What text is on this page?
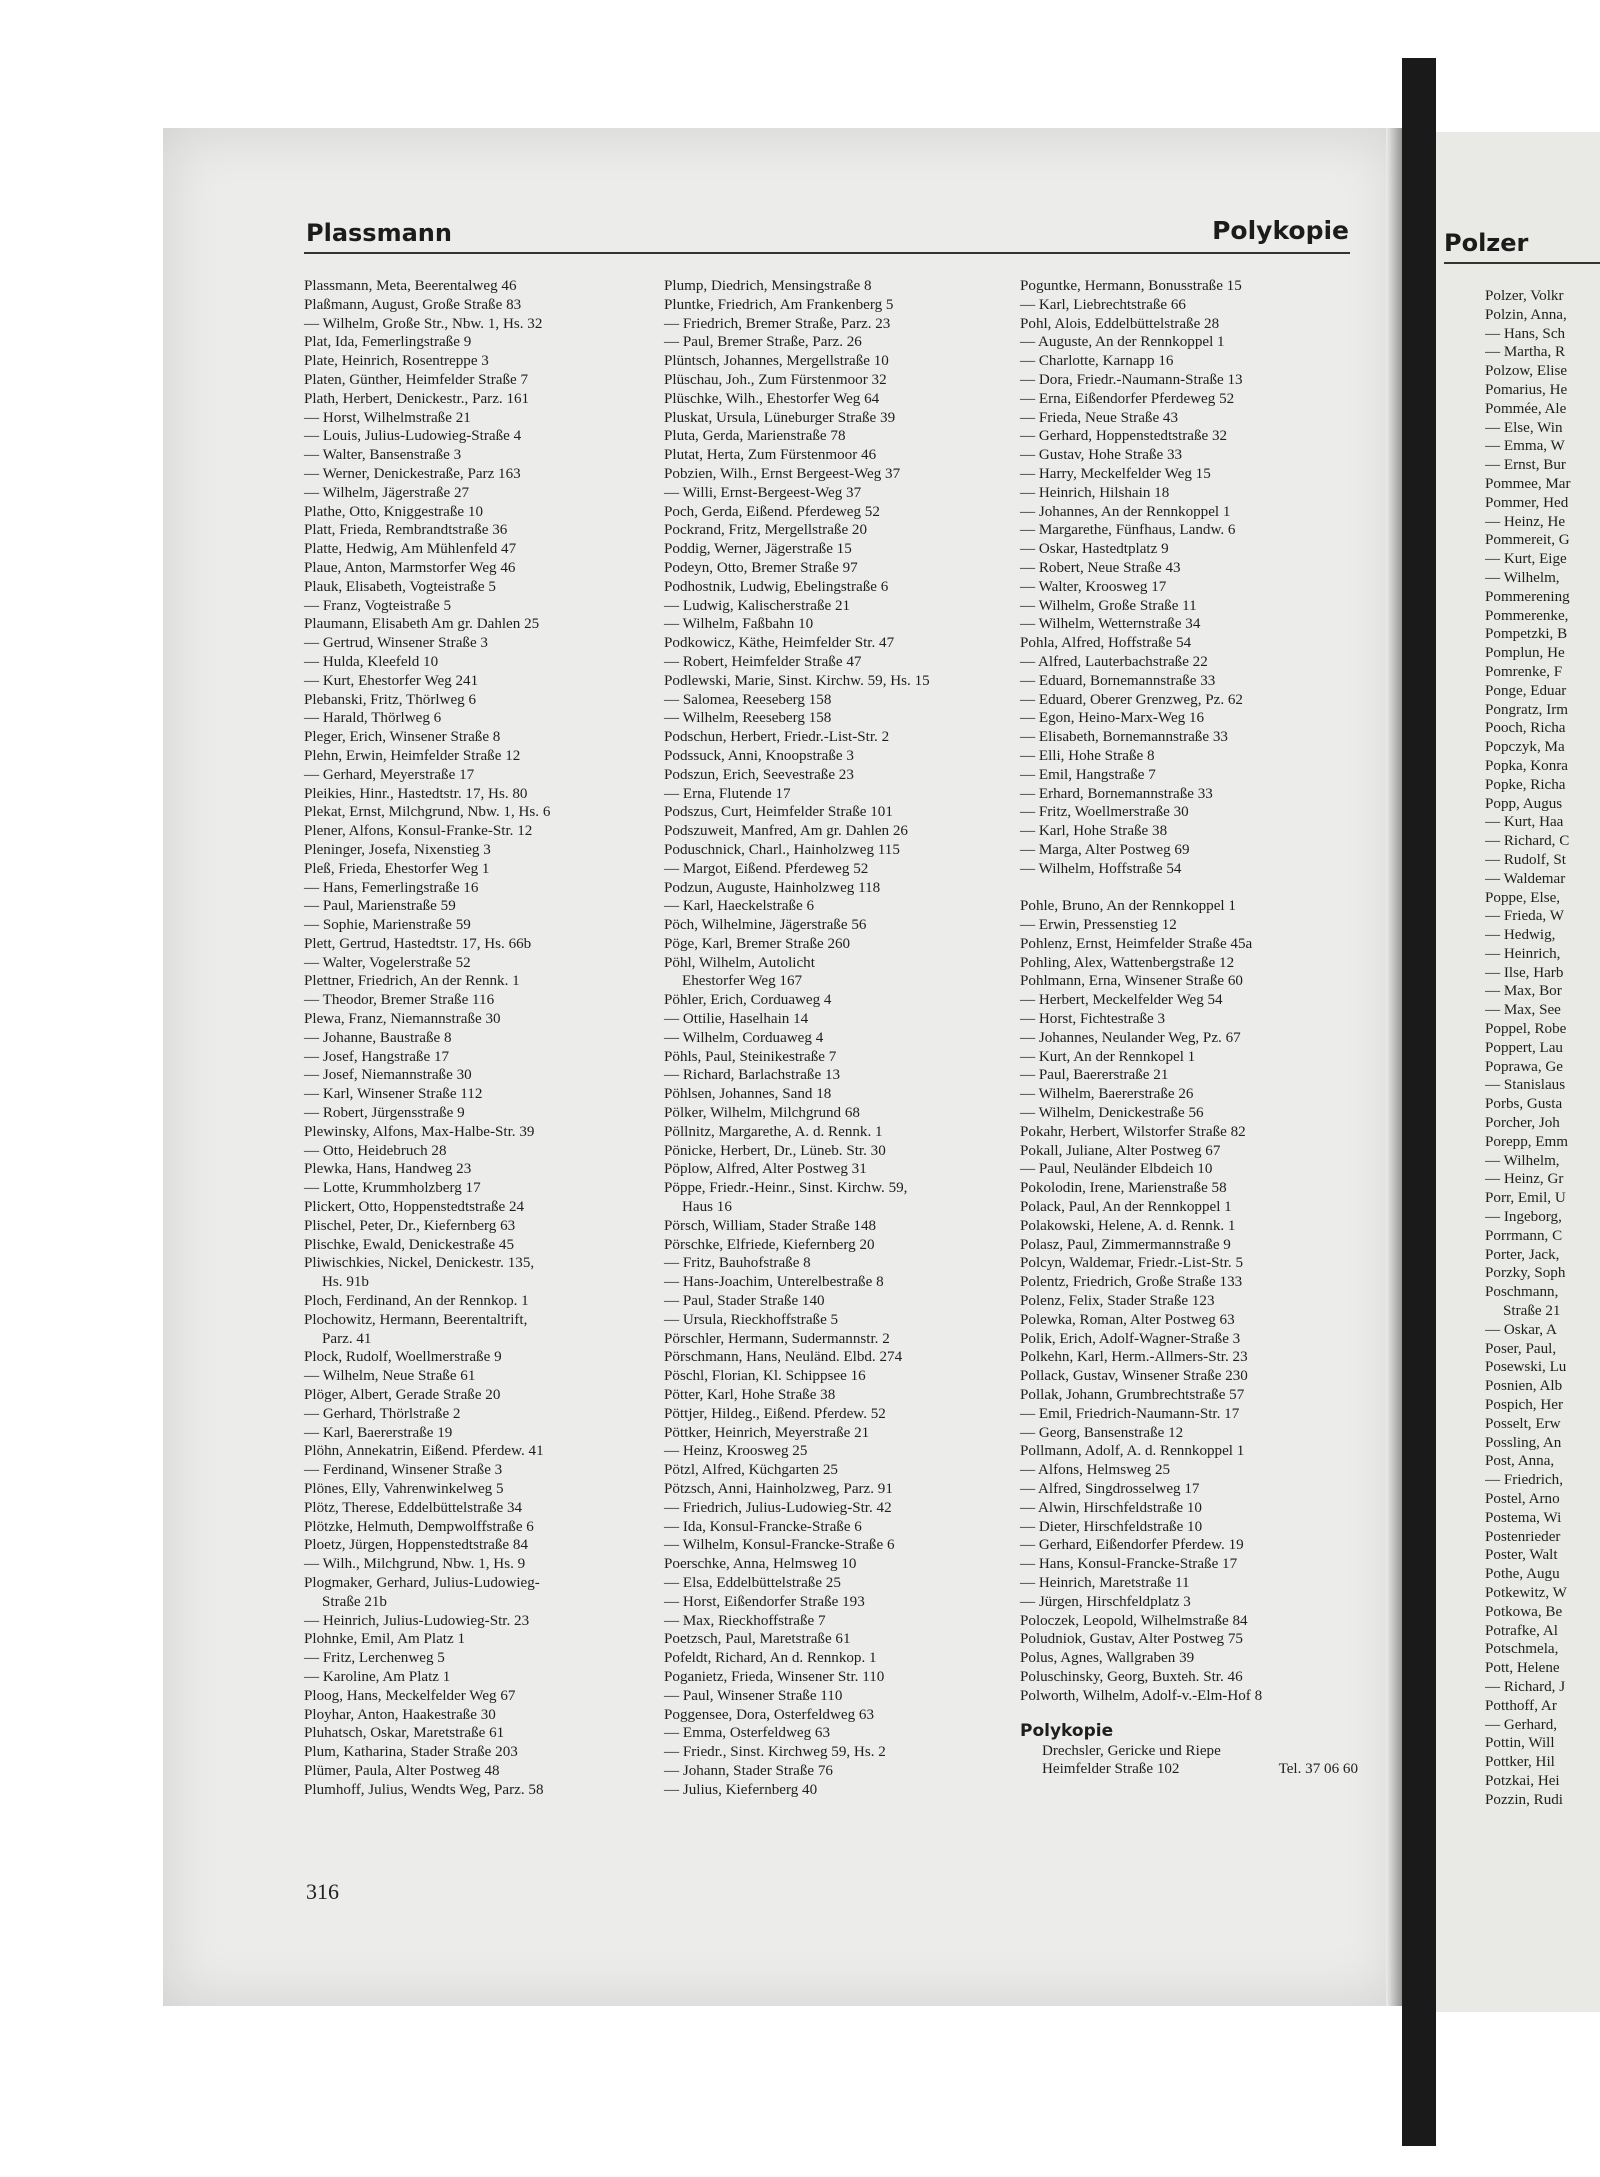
Plassmann	Polykopie
Plassmann, Meta, Beerentalweg 46
Plaßmann, August, Große Straße 83
— Wilhelm, Große Str., Nbw. 1, Hs. 32
Plat, Ida, Femerlingstraße 9
Plate, Heinrich, Rosentreppe 3
Platen, Günther, Heimfelder Straße 7
Plath, Herbert, Denickestr., Parz. 161
— Horst, Wilhelmstraße 21
— Louis, Julius-Ludowieg-Straße 4
— Walter, Bansenstraße 3
— Werner, Denickestraße, Parz 163
— Wilhelm, Jägerstraße 27
Plathe, Otto, Kniggestraße 10
Platt, Frieda, Rembrandtstraße 36
Platte, Hedwig, Am Mühlenfeld 47
Plaue, Anton, Marmstorfer Weg 46
Plauk, Elisabeth, Vogteistraße 5
— Franz, Vogteistraße 5
Plaumann, Elisabeth Am gr. Dahlen 25
— Gertrud, Winsener Straße 3
— Hulda, Kleefeld 10
— Kurt, Ehestorfer Weg 241
Plebanski, Fritz, Thörlweg 6
— Harald, Thörlweg 6
Pleger, Erich, Winsener Straße 8
Plehn, Erwin, Heimfelder Straße 12
— Gerhard, Meyerstraße 17
Pleikies, Hinr., Hastedtstr. 17, Hs. 80
Plekat, Ernst, Milchgrund, Nbw. 1, Hs. 6
Plener, Alfons, Konsul-Franke-Str. 12
Pleninger, Josefa, Nixenstieg 3
Pleß, Frieda, Ehestorfer Weg 1
— Hans, Femerlingstraße 16
— Paul, Marienstraße 59
— Sophie, Marienstraße 59
Plett, Gertrud, Hastedtstr. 17, Hs. 66b
— Walter, Vogelerstraße 52
Plettner, Friedrich, An der Rennk. 1
— Theodor, Bremer Straße 116
Plewa, Franz, Niemannstraße 30
— Johanne, Baustraße 8
— Josef, Hangstraße 17
— Josef, Niemannstraße 30
— Karl, Winsener Straße 112
— Robert, Jürgensstraße 9
Plewinsky, Alfons, Max-Halbe-Str. 39
— Otto, Heidebruch 28
Plewka, Hans, Handweg 23
— Lotte, Krummholzberg 17
Plickert, Otto, Hoppenstedtstraße 24
Plischel, Peter, Dr., Kiefernberg 63
Plischke, Ewald, Denickestraße 45
Pliwischkies, Nickel, Denickestr. 135,
Hs. 91b
Ploch, Ferdinand, An der Rennkop. 1
Plochowitz, Hermann, Beerentaltrift,
Parz. 41
Plock, Rudolf, Woellmerstraße 9
— Wilhelm, Neue Straße 61
Plöger, Albert, Gerade Straße 20
— Gerhard, Thörlstraße 2
— Karl, Baererstraße 19
Plöhn, Annekatrin, Eißend. Pferdew. 41
— Ferdinand, Winsener Straße 3
Plönes, Elly, Vahrenwinkelweg 5
Plötz, Therese, Eddelbüttelstraße 34
Plötzke, Helmuth, Dempwolffstraße 6
Ploetz, Jürgen, Hoppenstedtstraße 84
— Wilh., Milchgrund, Nbw. 1, Hs. 9
Plogmaker, Gerhard, Julius-Ludowieg-
Straße 21b
— Heinrich, Julius-Ludowieg-Str. 23
Plohnke, Emil, Am Platz 1
— Fritz, Lerchenweg 5
— Karoline, Am Platz 1
Ploog, Hans, Meckelfelder Weg 67
Ployhar, Anton, Haakestraße 30
Pluhatsch, Oskar, Maretstraße 61
Plum, Katharina, Stader Straße 203
Plümer, Paula, Alter Postweg 48
Plumhoff, Julius, Wendts Weg, Parz. 58
Plump, Diedrich, Mensingstraße 8
Pluntke, Friedrich, Am Frankenberg 5
— Friedrich, Bremer Straße, Parz. 23
— Paul, Bremer Straße, Parz. 26
Plüntsch, Johannes, Mergellstraße 10
Plüschau, Joh., Zum Fürstenmoor 32
Plüschke, Wilh., Ehestorfer Weg 64
Pluskat, Ursula, Lüneburger Straße 39
Pluta, Gerda, Marienstraße 78
Plutat, Herta, Zum Fürstenmoor 46
Pobzien, Wilh., Ernst Bergeest-Weg 37
— Willi, Ernst-Bergeest-Weg 37
Poch, Gerda, Eißend. Pferdeweg 52
Pockrand, Fritz, Mergellstraße 20
Poddig, Werner, Jägerstraße 15
Podeyn, Otto, Bremer Straße 97
Podhostnik, Ludwig, Ebelingstraße 6
— Ludwig, Kalischerstraße 21
— Wilhelm, Faßbahn 10
Podkowicz, Käthe, Heimfelder Str. 47
— Robert, Heimfelder Straße 47
Podlewski, Marie, Sinst. Kirchw. 59, Hs. 15
— Salomea, Reeseberg 158
— Wilhelm, Reeseberg 158
Podschun, Herbert, Friedr.-List-Str. 2
Podssuck, Anni, Knoopstraße 3
Podszun, Erich, Seevestraße 23
— Erna, Flutende 17
Podszus, Curt, Heimfelder Straße 101
Podszuweit, Manfred, Am gr. Dahlen 26
Poduschnick, Charl., Hainholzweg 115
— Margot, Eißend. Pferdeweg 52
Podzun, Auguste, Hainholzweg 118
— Karl, Haeckelstraße 6
Pöch, Wilhelmine, Jägerstraße 56
Pöge, Karl, Bremer Straße 260
Pöhl, Wilhelm, Autolicht
Ehestorfer Weg 167
Pöhler, Erich, Corduaweg 4
— Ottilie, Haselhain 14
— Wilhelm, Corduaweg 4
Pöhls, Paul, Steinikestraße 7
— Richard, Barlachstraße 13
Pöhlsen, Johannes, Sand 18
Pölker, Wilhelm, Milchgrund 68
Pöllnitz, Margarethe, A. d. Rennk. 1
Pönicke, Herbert, Dr., Lüneb. Str. 30
Pöplow, Alfred, Alter Postweg 31
Pöppe, Friedr.-Heinr., Sinst. Kirchw. 59,
Haus 16
Pörsch, William, Stader Straße 148
Pörschke, Elfriede, Kiefernberg 20
— Fritz, Bauhofstraße 8
— Hans-Joachim, Unterelbestraße 8
— Paul, Stader Straße 140
— Ursula, Rieckhoffstraße 5
Pörschler, Hermann, Sudermannstr. 2
Pörschmann, Hans, Neuländ. Elbd. 274
Pöschl, Florian, Kl. Schippsee 16
Pötter, Karl, Hohe Straße 38
Pöttjer, Hildeg., Eißend. Pferdew. 52
Pöttker, Heinrich, Meyerstraße 21
— Heinz, Kroosweg 25
Pötzl, Alfred, Küchgarten 25
Pötzsch, Anni, Hainholzweg, Parz. 91
— Friedrich, Julius-Ludowieg-Str. 42
— Ida, Konsul-Francke-Straße 6
— Wilhelm, Konsul-Francke-Straße 6
Poerschke, Anna, Helmsweg 10
— Elsa, Eddelbüttelstraße 25
— Horst, Eißendorfer Straße 193
— Max, Rieckhoffstraße 7
Poetzsch, Paul, Maretstraße 61
Pofeldt, Richard, An d. Rennkop. 1
Poganietz, Frieda, Winsener Str. 110
— Paul, Winsener Straße 110
Poggensee, Dora, Osterfeldweg 63
— Emma, Osterfeldweg 63
— Friedr., Sinst. Kirchweg 59, Hs. 2
— Johann, Stader Straße 76
— Julius, Kiefernberg 40
Poguntke, Hermann, Bonusstraße 15
— Karl, Liebrechtstraße 66
Pohl, Alois, Eddelbüttelstraße 28
— Auguste, An der Rennkoppel 1
— Charlotte, Karnapp 16
— Dora, Friedr.-Naumann-Straße 13
— Erna, Eißendorfer Pferdeweg 52
— Frieda, Neue Straße 43
— Gerhard, Hoppenstedtstraße 32
— Gustav, Hohe Straße 33
— Harry, Meckelfelder Weg 15
— Heinrich, Hilshain 18
— Johannes, An der Rennkoppel 1
— Margarethe, Fünfhaus, Landw. 6
— Oskar, Hastedtplatz 9
— Robert, Neue Straße 43
— Walter, Kroosweg 17
— Wilhelm, Große Straße 11
— Wilhelm, Wetternstraße 34
Pohla, Alfred, Hoffstraße 54
— Alfred, Lauterbachstraße 22
— Eduard, Bornemannstraße 33
— Eduard, Oberer Grenzweg, Pz. 62
— Egon, Heino-Marx-Weg 16
— Elisabeth, Bornemannstraße 33
— Elli, Hohe Straße 8
— Emil, Hangstraße 7
— Erhard, Bornemannstraße 33
— Fritz, Woellmerstraße 30
— Karl, Hohe Straße 38
— Marga, Alter Postweg 69
— Wilhelm, Hoffstraße 54
Pohle, Bruno, An der Rennkoppel 1
— Erwin, Pressenstieg 12
Pohlenz, Ernst, Heimfelder Straße 45a
Pohling, Alex, Wattenbergstraße 12
Pohlmann, Erna, Winsener Straße 60
— Herbert, Meckelfelder Weg 54
— Horst, Fichtestraße 3
— Johannes, Neulander Weg, Pz. 67
— Kurt, An der Rennkopel 1
— Paul, Baererstraße 21
— Wilhelm, Baererstraße 26
— Wilhelm, Denickestraße 56
Pokahr, Herbert, Wilstorfer Straße 82
Pokall, Juliane, Alter Postweg 67
— Paul, Neuländer Elbdeich 10
Pokolodin, Irene, Marienstraße 58
Polack, Paul, An der Rennkoppel 1
Polakowski, Helene, A. d. Rennk. 1
Polasz, Paul, Zimmermannstraße 9
Polcyn, Waldemar, Friedr.-List-Str. 5
Polentz, Friedrich, Große Straße 133
Polenz, Felix, Stader Straße 123
Polewka, Roman, Alter Postweg 63
Polik, Erich, Adolf-Wagner-Straße 3
Polkehn, Karl, Herm.-Allmers-Str. 23
Pollack, Gustav, Winsener Straße 230
Pollak, Johann, Grumbrechtstraße 57
— Emil, Friedrich-Naumann-Str. 17
— Georg, Bansenstraße 12
Pollmann, Adolf, A. d. Rennkoppel 1
— Alfons, Helmsweg 25
— Alfred, Singdrosselweg 17
— Alwin, Hirschfeldstraße 10
— Dieter, Hirschfeldstraße 10
— Gerhard, Eißendorfer Pferdew. 19
— Hans, Konsul-Francke-Straße 17
— Heinrich, Maretstraße 11
— Jürgen, Hirschfeldplatz 3
Poloczek, Leopold, Wilhelmstraße 84
Poludniok, Gustav, Alter Postweg 75
Polus, Agnes, Wallgraben 39
Poluschinsky, Georg, Buxteh. Str. 46
Polworth, Wilhelm, Adolf-v.-Elm-Hof 8
Polykopie
Drechsler, Gericke und Riepe
Heimfelder Straße 102	Tel. 37 06 60
316
Polzer
Polzer, Volkr
Polzin, Anna,
— Hans, Sch
— Martha, R
Polzow, Elise
Pomarius, He
Pommée, Ale
— Else, Win
— Emma, W
— Ernst, Bur
Pommee, Mar
Pommer, Hed
— Heinz, He
Pommereit, G
— Kurt, Eige
— Wilhelm,
Pommerening
Pommerenke,
Pompetzki, B
Pomplun, He
Pomrenke, F
Ponge, Eduar
Pongratz, Irm
Pooch, Richa
Popczyk, Ma
Popka, Konra
Popke, Richa
Popp, Augus
— Kurt, Haa
— Richard, C
— Rudolf, St
— Waldemar
Poppe, Else,
— Frieda, W
— Hedwig,
— Heinrich,
— Ilse, Harb
— Max, Bor
— Max, See
Poppel, Robe
Poppert, Lau
Poprawa, Ge
— Stanislaus
Porbs, Gusta
Porcher, Joh
Porepp, Emm
— Wilhelm,
— Heinz, Gr
Porr, Emil, U
— Ingeborg,
Porrmann, C
Porter, Jack,
Porzky, Soph
Poschmann,
Straße 21
— Oskar, A
Poser, Paul,
Posewski, Lu
Posnien, Alb
Pospich, Her
Posselt, Erw
Possling, An
Post, Anna,
— Friedrich,
Postel, Arno
Postema, Wi
Postenrieder
Poster, Walt
Pothe, Augu
Potkewitz, W
Potkowa, Be
Potrafke, Al
Potschmela,
Pott, Helene
— Richard, J
Potthoff, Ar
— Gerhard,
Pottin, Will
Pottker, Hil
Potzkai, Hei
Pozzin, Rudi
